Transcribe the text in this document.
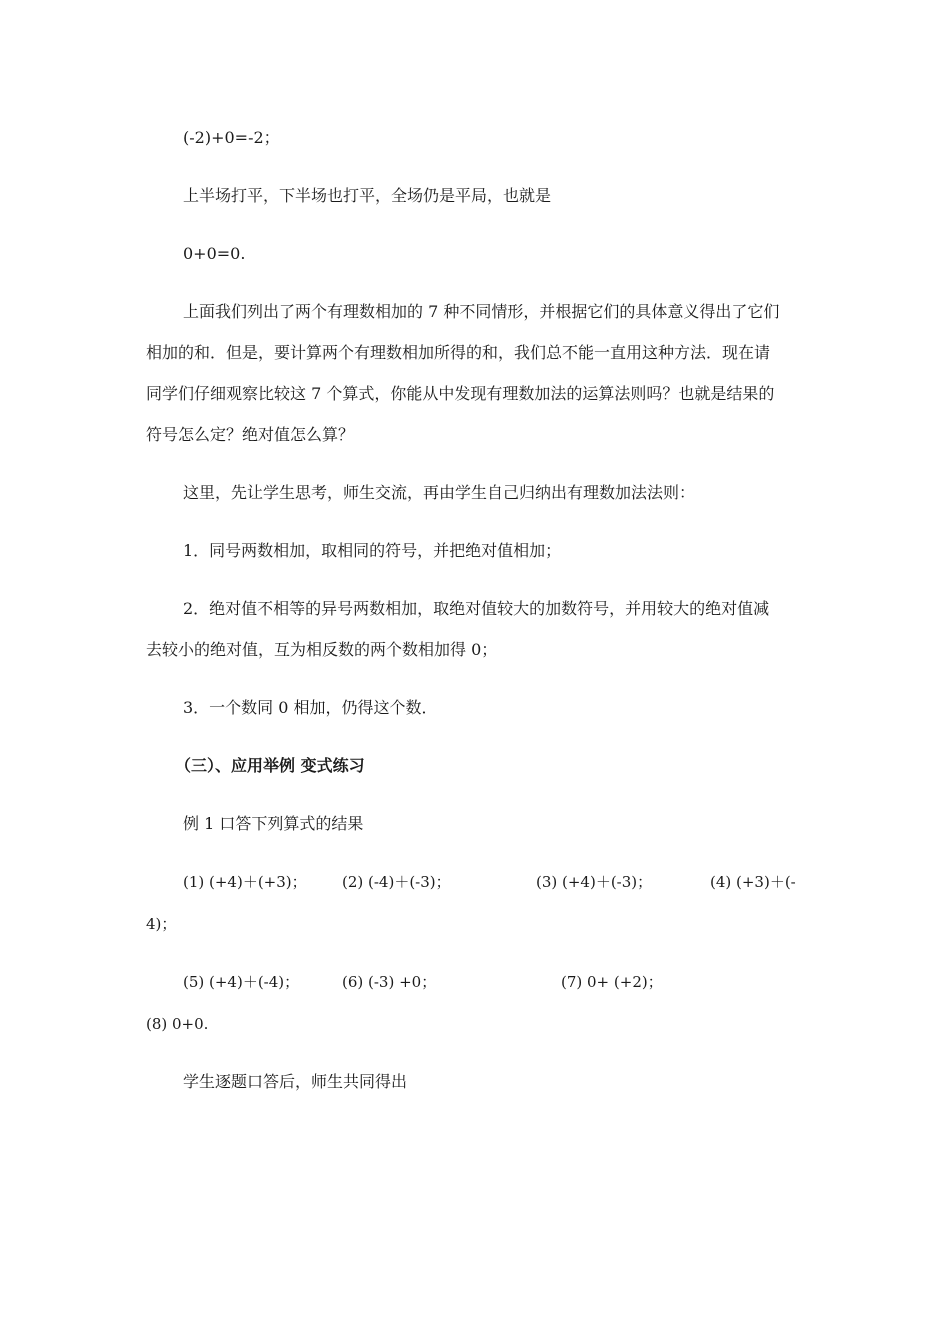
(-2)+0=-2；
上半场打平，下半场也打平，全场仍是平局，也就是
0+0=0.
上面我们列出了两个有理数相加的 7 种不同情形，并根据它们的具体意义得出了它们
相加的和．但是，要计算两个有理数相加所得的和，我们总不能一直用这种方法．现在请
同学们仔细观察比较这 7 个算式，你能从中发现有理数加法的运算法则吗？也就是结果的
符号怎么定？绝对值怎么算？
这里，先让学生思考，师生交流，再由学生自己归纳出有理数加法法则：
1．同号两数相加，取相同的符号，并把绝对值相加；
2．绝对值不相等的异号两数相加，取绝对值较大的加数符号，并用较大的绝对值减
去较小的绝对值，互为相反数的两个数相加得 0；
3．一个数同 0 相加，仍得这个数．
（三）、应用举例 变式练习
例 1 口答下列算式的结果
(1) (+4)＋(+3)； (2) (-4)＋(-3)；	(3) (+4)＋(-3)；	(4) (+3)＋(-
4)；
(5) (+4)＋(-4)；	(6) (-3) +0；	(7) 0+ (+2)；
(8) 0+0.
学生逐题口答后，师生共同得出
